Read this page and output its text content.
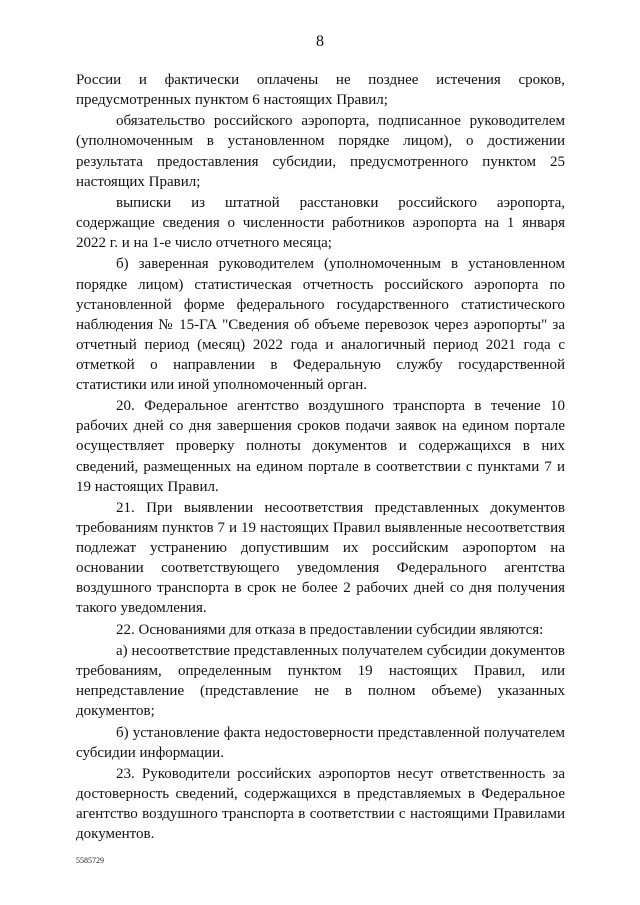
8

России и фактически оплачены не позднее истечения сроков, предусмотренных пунктом 6 настоящих Правил;

обязательство российского аэропорта, подписанное руководителем (уполномоченным в установленном порядке лицом), о достижении результата предоставления субсидии, предусмотренного пунктом 25 настоящих Правил;

выписки из штатной расстановки российского аэропорта, содержащие сведения о численности работников аэропорта на 1 января 2022 г. и на 1-е число отчетного месяца;

б) заверенная руководителем (уполномоченным в установленном порядке лицом) статистическая отчетность российского аэропорта по установленной форме федерального государственного статистического наблюдения № 15-ГА "Сведения об объеме перевозок через аэропорты" за отчетный период (месяц) 2022 года и аналогичный период 2021 года с отметкой о направлении в Федеральную службу государственной статистики или иной уполномоченный орган.

20. Федеральное агентство воздушного транспорта в течение 10 рабочих дней со дня завершения сроков подачи заявок на едином портале осуществляет проверку полноты документов и содержащихся в них сведений, размещенных на едином портале в соответствии с пунктами 7 и 19 настоящих Правил.

21. При выявлении несоответствия представленных документов требованиям пунктов 7 и 19 настоящих Правил выявленные несоответствия подлежат устранению допустившим их российским аэропортом на основании соответствующего уведомления Федерального агентства воздушного транспорта в срок не более 2 рабочих дней со дня получения такого уведомления.

22. Основаниями для отказа в предоставлении субсидии являются:

а) несоответствие представленных получателем субсидии документов требованиям, определенным пунктом 19 настоящих Правил, или непредставление (представление не в полном объеме) указанных документов;

б) установление факта недостоверности представленной получателем субсидии информации.

23. Руководители российских аэропортов несут ответственность за достоверность сведений, содержащихся в представляемых в Федеральное агентство воздушного транспорта в соответствии с настоящими Правилами документов.

5585729
